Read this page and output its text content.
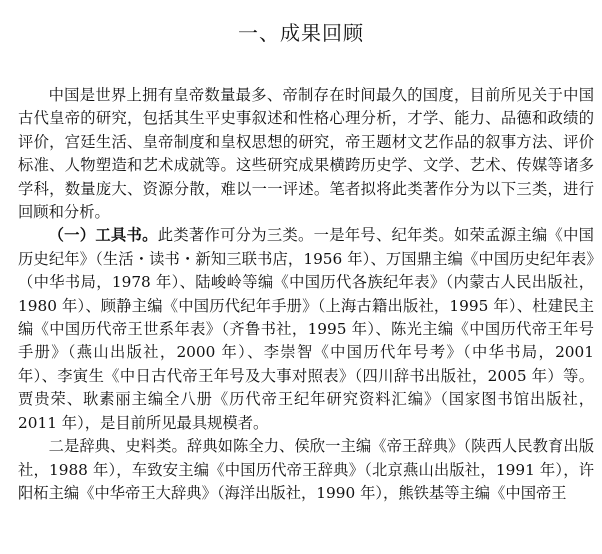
一、成果回顾

中国是世界上拥有皇帝数量最多、帝制存在时间最久的国度，目前所见关于中国古代皇帝的研究，包括其生平史事叙述和性格心理分析，才学、能力、品德和政绩的评价，宫廷生活、皇帝制度和皇权思想的研究，帝王题材文艺作品的叙事方法、评价标准、人物塑造和艺术成就等。这些研究成果横跨历史学、文学、艺术、传媒等诸多学科，数量庞大、资源分散，难以一一评述。笔者拟将此类著作分为以下三类，进行回顾和分析。

（一）工具书。此类著作可分为三类。一是年号、纪年类。如荣孟源主编《中国历史纪年》（生活・读书・新知三联书店，1956 年）、万国鼎主编《中国历史纪年表》（中华书局，1978 年）、陆峻岭等编《中国历代各族纪年表》（内蒙古人民出版社，1980 年）、顾静主编《中国历代纪年手册》（上海古籍出版社，1995 年）、杜建民主编《中国历代帝王世系年表》（齐鲁书社，1995 年）、陈光主编《中国历代帝王年号手册》（燕山出版社，2000 年）、李崇智《中国历代年号考》（中华书局，2001 年）、李寅生《中日古代帝王年号及大事对照表》（四川辞书出版社，2005 年）等。贾贵荣、耿素丽主编全八册《历代帝王纪年研究资料汇编》（国家图书馆出版社，2011 年），是目前所见最具规模者。

二是辞典、史料类。辞典如陈全力、侯欣一主编《帝王辞典》（陕西人民教育出版社，1988 年），车致安主编《中国历代帝王辞典》（北京燕山出版社，1991 年），许阳柘主编《中华帝王大辞典》（海洋出版社，1990 年），熊铁基等主编《中国帝王
